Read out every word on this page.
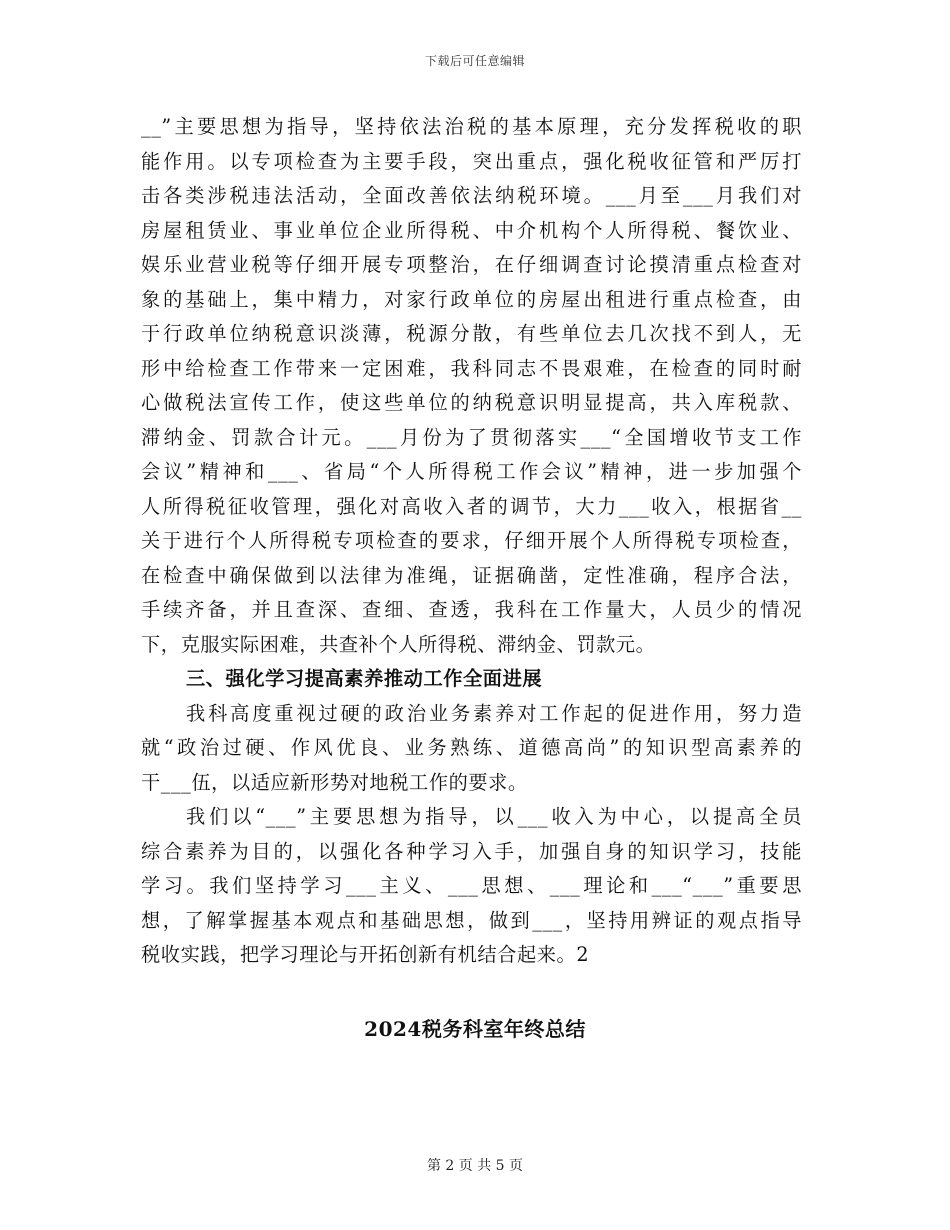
下载后可任意编辑
__”主要思想为指导，坚持依法治税的基本原理，充分发挥税收的职
能作用。以专项检查为主要手段，突出重点，强化税收征管和严厉打
击各类涉税违法活动，全面改善依法纳税环境。___月至___月我们对
房屋租赁业、事业单位企业所得税、中介机构个人所得税、餐饮业、
娱乐业营业税等仔细开展专项整治，在仔细调查讨论摸清重点检查对
象的基础上，集中精力，对家行政单位的房屋出租进行重点检查，由
于行政单位纳税意识淡薄，税源分散，有些单位去几次找不到人，无
形中给检查工作带来一定困难，我科同志不畏艰难，在检查的同时耐
心做税法宣传工作，使这些单位的纳税意识明显提高，共入库税款、
滞纳金、罚款合计元。___月份为了贯彻落实___“全国增收节支工作
会议”精神和___、省局“个人所得税工作会议”精神，进一步加强个
人所得税征收管理，强化对高收入者的调节，大力___收入，根据省__
关于进行个人所得税专项检查的要求，仔细开展个人所得税专项检查，
在检查中确保做到以法律为准绳，证据确凿，定性准确，程序合法，
手续齐备，并且查深、查细、查透，我科在工作量大，人员少的情况
下，克服实际困难，共查补个人所得税、滞纳金、罚款元。
三、强化学习提高素养推动工作全面进展
我科高度重视过硬的政治业务素养对工作起的促进作用，努力造
就“政治过硬、作风优良、业务熟练、道德高尚”的知识型高素养的
干___伍，以适应新形势对地税工作的要求。
我们以“___”主要思想为指导，以___收入为中心，以提高全员
综合素养为目的，以强化各种学习入手，加强自身的知识学习，技能
学习。我们坚持学习___主义、___思想、___理论和___“___”重要思
想，了解掌握基本观点和基础思想，做到___，坚持用辨证的观点指导
税收实践，把学习理论与开拓创新有机结合起来。2
2024税务科室年终总结
第 2 页 共 5 页
